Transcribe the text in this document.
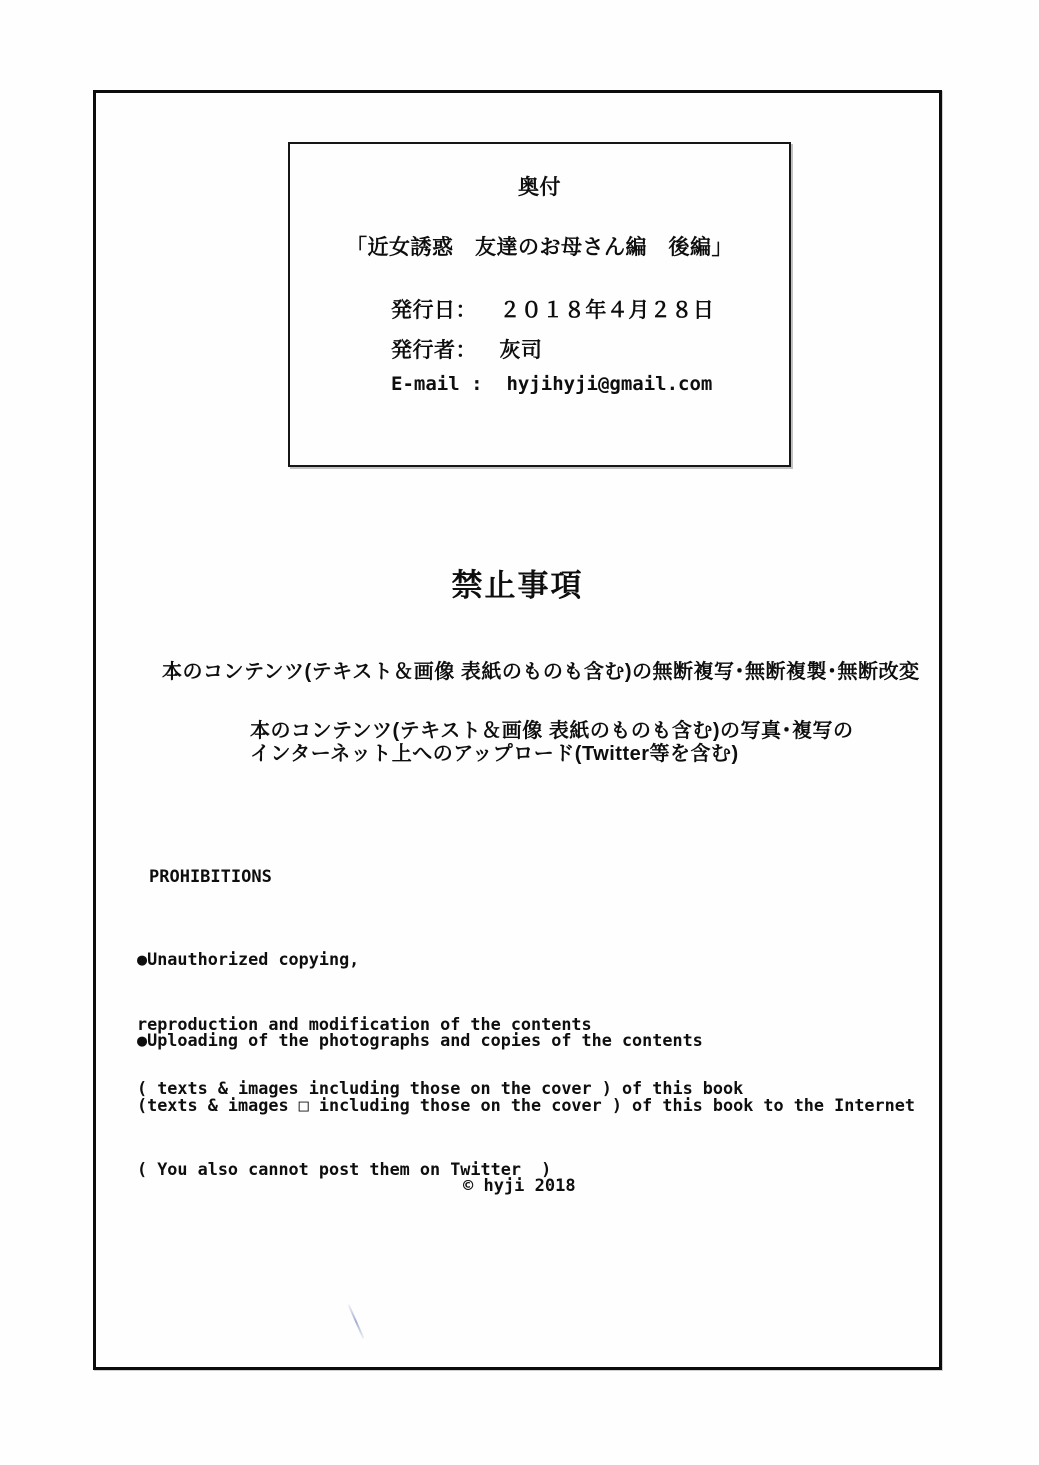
奥付
「近女誘惑　友達のお母さん編　後編」
発行日： ２０１８年４月２８日
発行者： 灰司
E-mail : hyjihyji@gmail.com
禁止事項
本のコンテンツ(テキスト＆画像 表紙のものも含む)の無断複写･無断複製･無断改変
本のコンテンツ(テキスト＆画像 表紙のものも含む)の写真･複写の
インターネット上へのアップロード(Twitter等を含む)
PROHIBITIONS

●Unauthorized copying,

reproduction and modification of the contents

( texts & images including those on the cover ) of this book

●Uploading of the photographs and copies of the contents

(texts & images □ including those on the cover ) of this book to the Internet

( You also cannot post them on Twitter  )

© hyji 2018
